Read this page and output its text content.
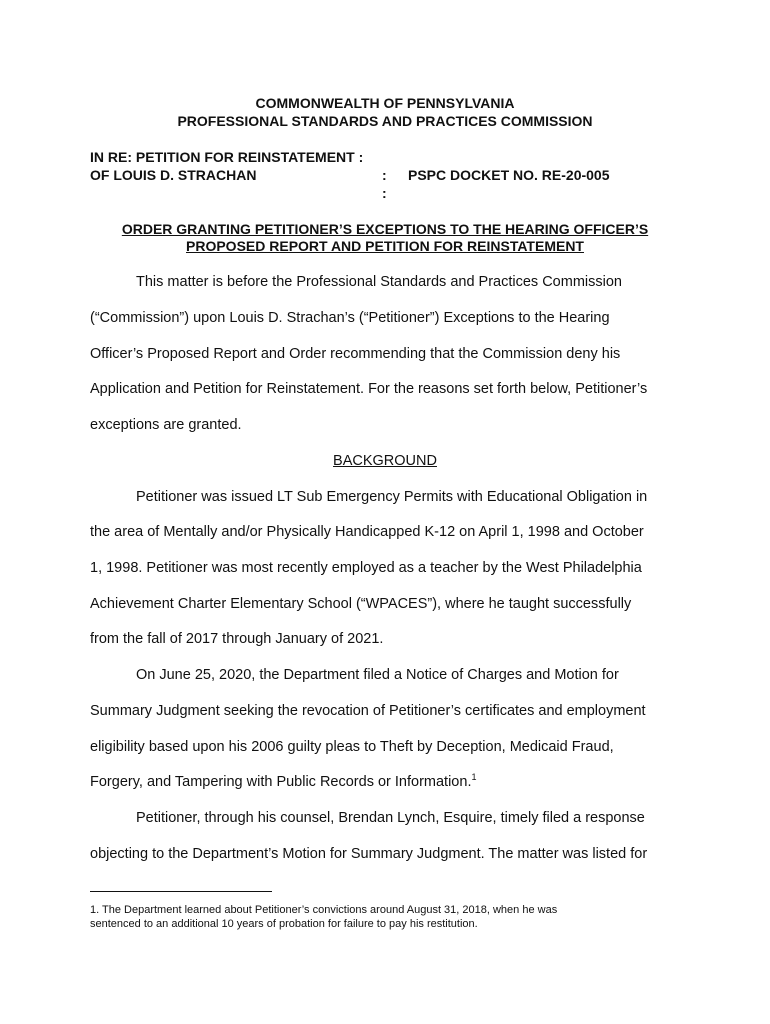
COMMONWEALTH OF PENNSYLVANIA
PROFESSIONAL STANDARDS AND PRACTICES COMMISSION
IN RE: PETITION FOR REINSTATEMENT :
OF LOUIS D. STRACHAN	:
:
PSPC DOCKET NO. RE-20-005
ORDER GRANTING PETITIONER’S EXCEPTIONS TO THE HEARING OFFICER’S
PROPOSED REPORT AND PETITION FOR REINSTATEMENT
This matter is before the Professional Standards and Practices Commission
(“Commission”) upon Louis D. Strachan’s (“Petitioner”) Exceptions to the Hearing
Officer’s Proposed Report and Order recommending that the Commission deny his
Application and Petition for Reinstatement. For the reasons set forth below, Petitioner’s
exceptions are granted.
BACKGROUND
Petitioner was issued LT Sub Emergency Permits with Educational Obligation in
the area of Mentally and/or Physically Handicapped K-12 on April 1, 1998 and October
1, 1998. Petitioner was most recently employed as a teacher by the West Philadelphia
Achievement Charter Elementary School (“WPACES”), where he taught successfully
from the fall of 2017 through January of 2021.
On June 25, 2020, the Department filed a Notice of Charges and Motion for
Summary Judgment seeking the revocation of Petitioner’s certificates and employment
eligibility based upon his 2006 guilty pleas to Theft by Deception, Medicaid Fraud,
Forgery, and Tampering with Public Records or Information.$^1$
Petitioner, through his counsel, Brendan Lynch, Esquire, timely filed a response
objecting to the Department’s Motion for Summary Judgment. The matter was listed for
1. The Department learned about Petitioner’s convictions around August 31, 2018, when he was
sentenced to an additional 10 years of probation for failure to pay his restitution.
